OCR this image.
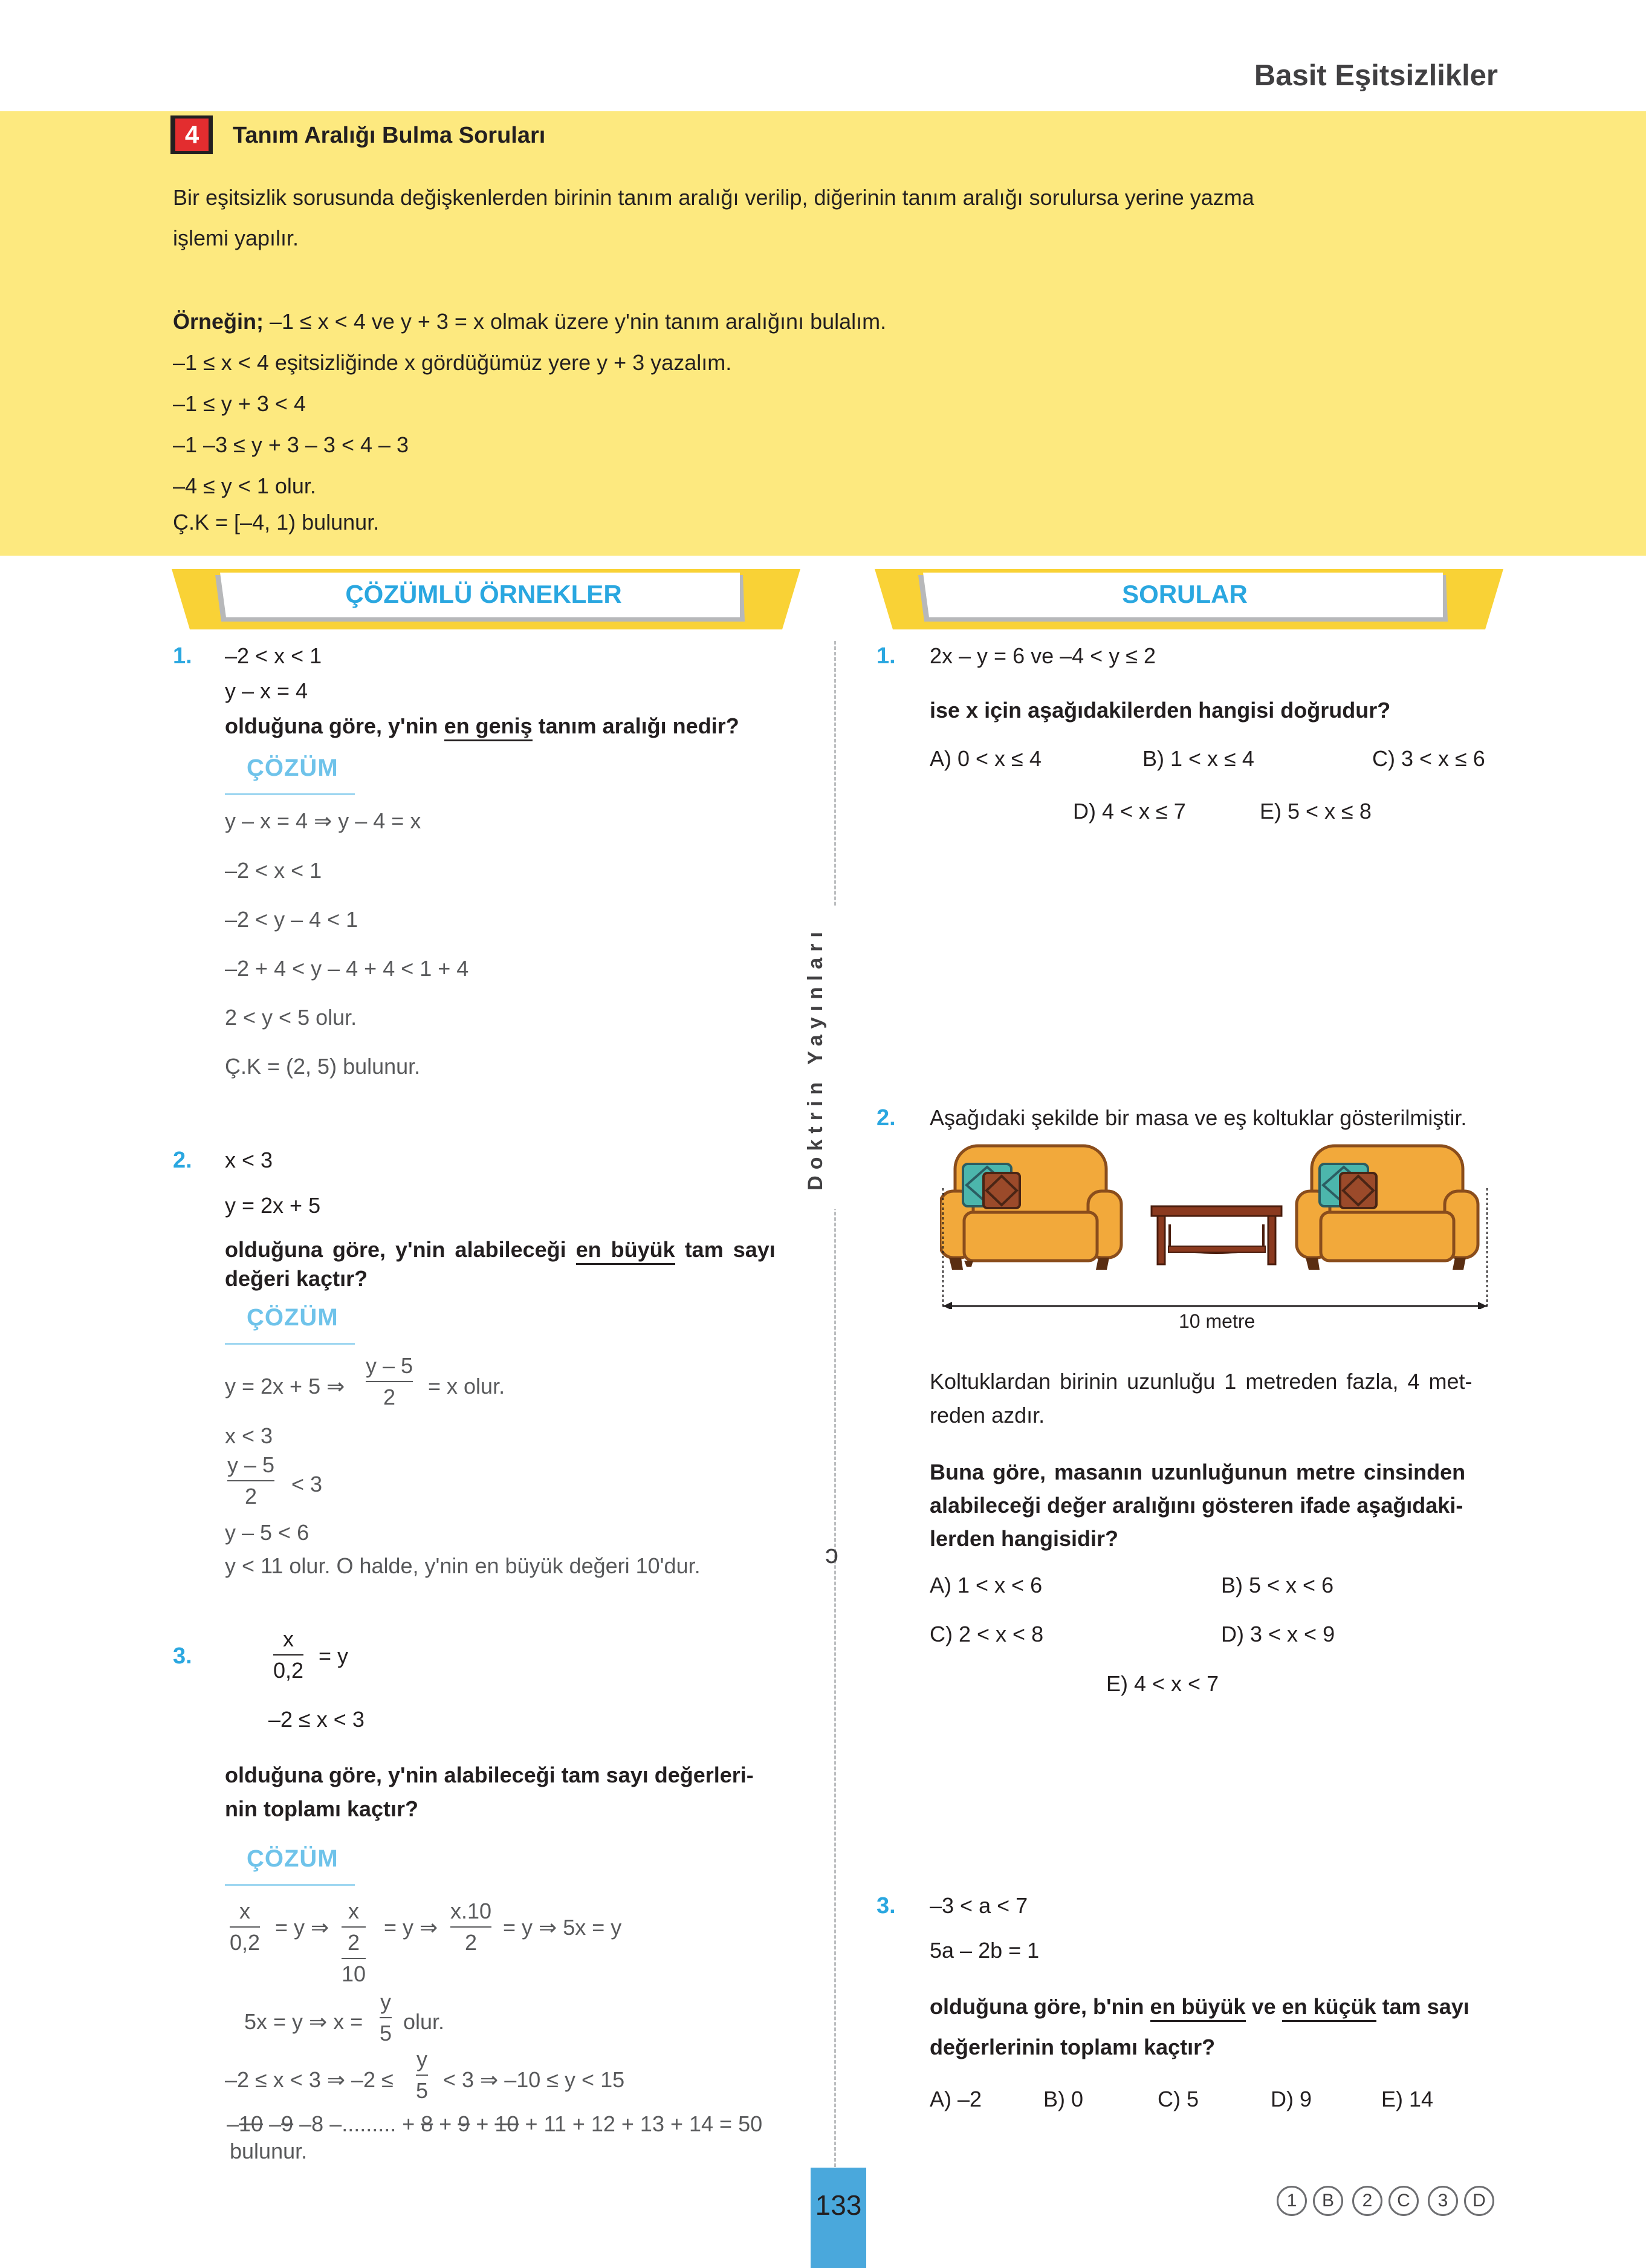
Basit Eşitsizlikler
4	Tanım Aralığı Bulma Soruları
Bir eşitsizlik sorusunda değişkenlerden birinin tanım aralığı verilip, diğerinin tanım aralığı sorulursa yerine yazma
işlemi yapılır.
Örneğin; –1 ≤ x < 4 ve y + 3 = x olmak üzere y'nin tanım aralığını bulalım.
–1 ≤ x < 4 eşitsizliğinde x gördüğümüz yere y + 3 yazalım.
–1 ≤ y + 3 < 4
–1 –3 ≤ y + 3 – 3 < 4 – 3
–4 ≤ y < 1 olur.
Ç.K = [–4, 1) bulunur.
ÇÖZÜMLÜ ÖRNEKLER	SORULAR
Doktrin Yayınları
ↄ
1. –2 < x < 1
y – x = 4
olduğuna göre, y'nin en geniş tanım aralığı nedir?
ÇÖZÜM
y – x = 4 ⇒ y – 4 = x
–2 < x < 1
–2 < y – 4 < 1
–2 + 4 < y – 4 + 4 < 1 + 4
2 < y < 5 olur.
Ç.K = (2, 5) bulunur.
2. x < 3
y = 2x + 5
olduğuna göre, y'nin alabileceği en büyük tam sayı
değeri kaçtır?
ÇÖZÜM
y = 2x + 5 ⇒
y – 5
2 = x olur.
x < 3
y – 5
2 < 3
y – 5 < 6
y < 11 olur. O halde, y'nin en büyük değeri 10'dur.
3.
x
0,2
= y
–2 ≤ x < 3
olduğuna göre, y'nin alabileceği tam sayı değerleri-
nin toplamı kaçtır?
ÇÖZÜM
x
0,2
= y ⇒
x
2
10
= y ⇒
x.10
2
= y ⇒ 5x = y
5x = y ⇒ x =
y
5 olur.
–2 ≤ x < 3 ⇒ –2 ≤
y
5 < 3 ⇒ –10 ≤ y < 15
–10 –9 –8 –......... + 8 + 9 + 10 + 11 + 12 + 13 + 14 = 50
bulunur.
1. 2x – y = 6 ve –4 < y ≤ 2
ise x için aşağıdakilerden hangisi doğrudur?
A) 0 < x ≤ 4	B) 1 < x ≤ 4	C) 3 < x ≤ 6
D) 4 < x ≤ 7	E) 5 < x ≤ 8
2. Aşağıdaki şekilde bir masa ve eş koltuklar gösterilmiştir.
10 metre
Koltuklardan birinin uzunluğu 1 metreden fazla, 4 met-
reden azdır.
Buna göre, masanın uzunluğunun metre cinsinden
alabileceği değer aralığını gösteren ifade aşağıdaki-
lerden hangisidir?
A) 1 < x < 6	B) 5 < x < 6
C) 2 < x < 8	D) 3 < x < 9
E) 4 < x < 7
3. –3 < a < 7
5a – 2b = 1
olduğuna göre, b'nin en büyük ve en küçük tam sayı
değerlerinin toplamı kaçtır?
A) –2	B) 0	C) 5	D) 9	E) 14
133	1	B	2	C	3	D
